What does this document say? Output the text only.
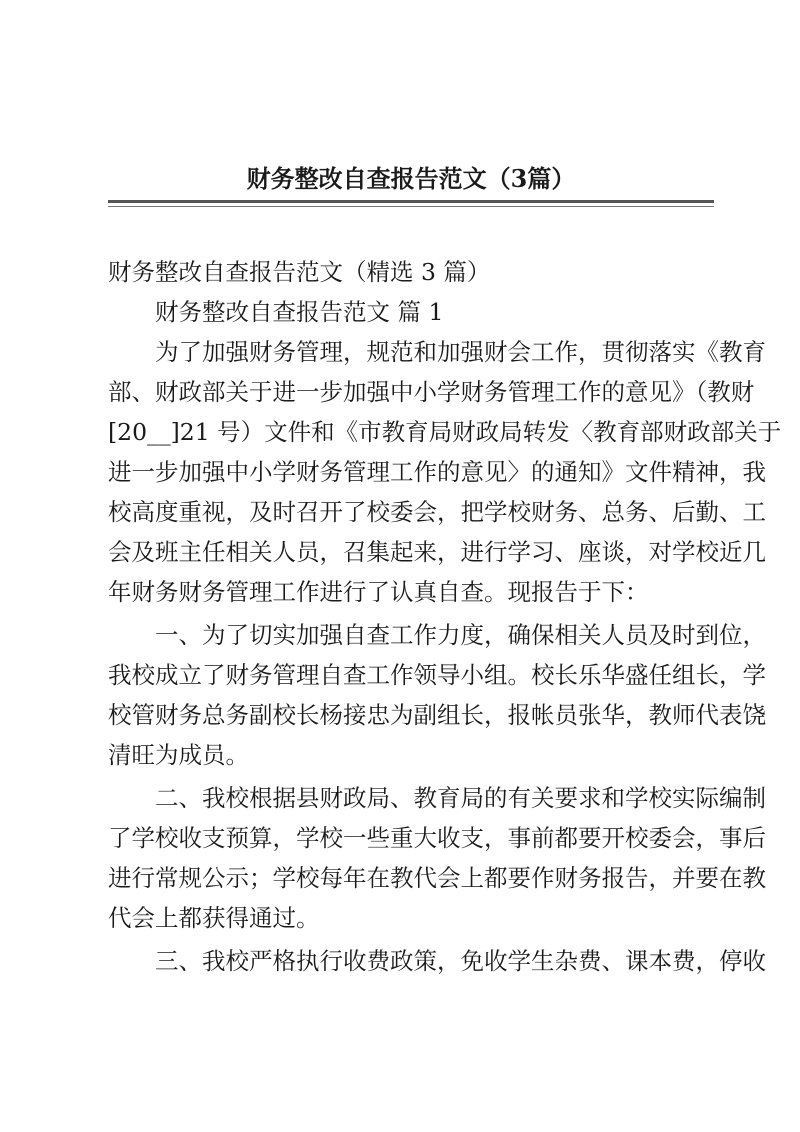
财务整改自查报告范文（3篇）

财务整改自查报告范文（精选 3 篇）

财务整改自查报告范文 篇 1

为了加强财务管理，规范和加强财会工作，贯彻落实《教育
部、财政部关于进一步加强中小学财务管理工作的意见》（教财
[20__]21 号）文件和《市教育局财政局转发〈教育部财政部关于
进一步加强中小学财务管理工作的意见〉的通知》文件精神，我
校高度重视，及时召开了校委会，把学校财务、总务、后勤、工
会及班主任相关人员，召集起来，进行学习、座谈，对学校近几
年财务财务管理工作进行了认真自查。现报告于下：

一、为了切实加强自查工作力度，确保相关人员及时到位，
我校成立了财务管理自查工作领导小组。校长乐华盛任组长，学
校管财务总务副校长杨接忠为副组长，报帐员张华，教师代表饶
清旺为成员。

二、我校根据县财政局、教育局的有关要求和学校实际编制
了学校收支预算，学校一些重大收支，事前都要开校委会，事后
进行常规公示；学校每年在教代会上都要作财务报告，并要在教
代会上都获得通过。

三、我校严格执行收费政策，免收学生杂费、课本费，停收
